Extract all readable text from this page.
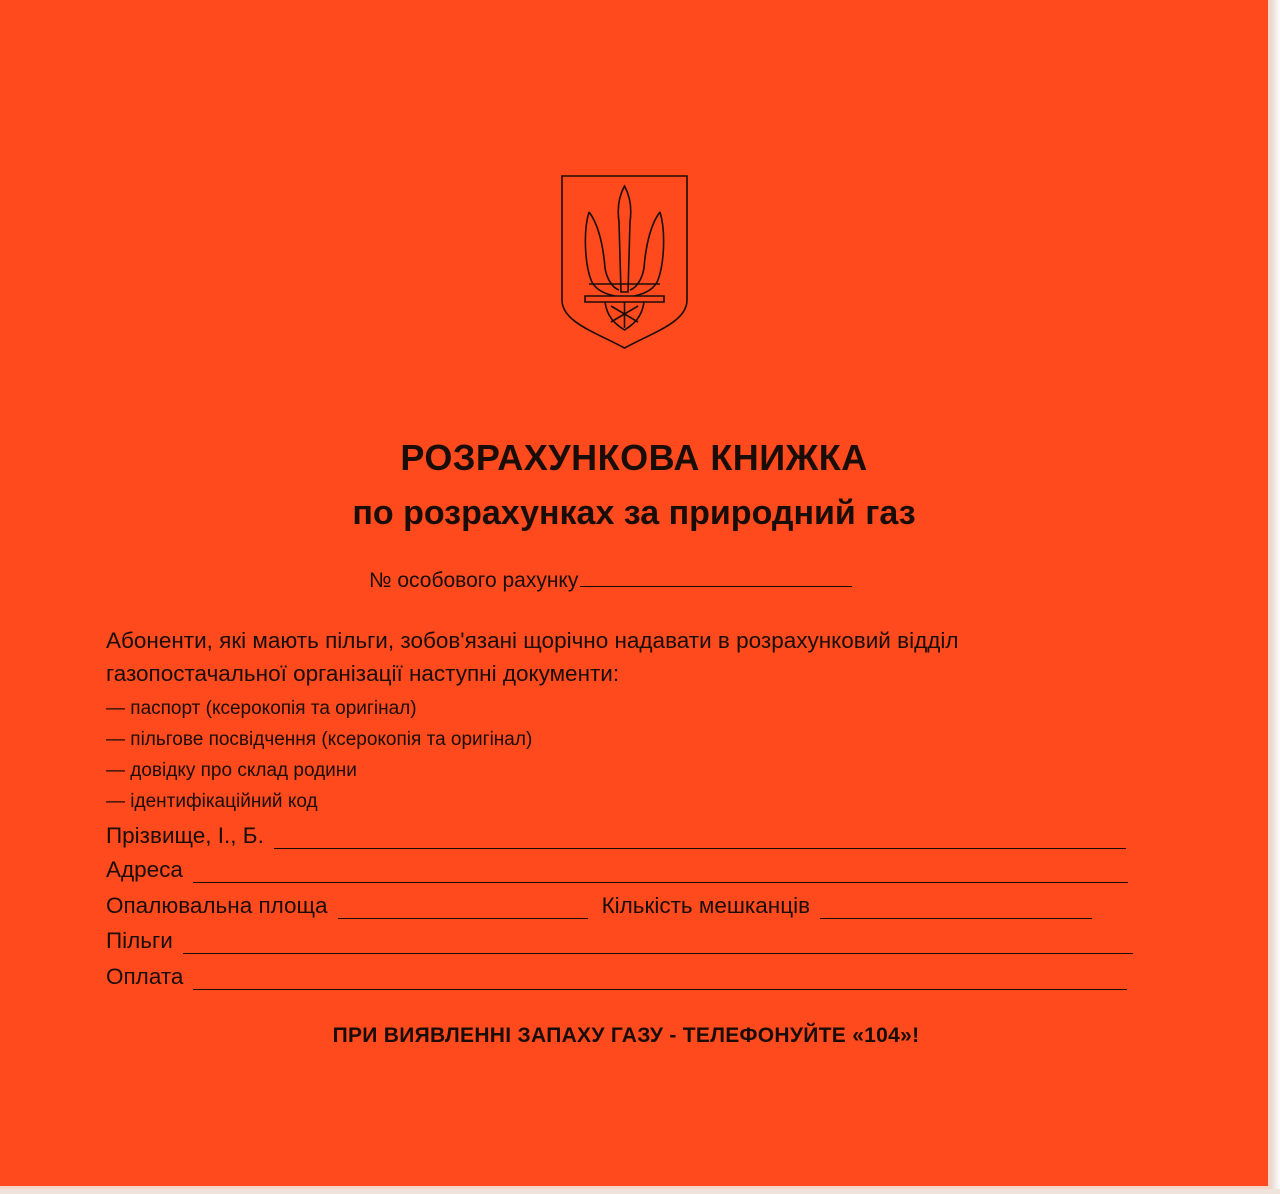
РОЗРАХУНКОВА КНИЖКА
по розрахунках за природний газ
№ особового рахунку

Абоненти, які мають пільги, зобов'язані щорічно надавати в розрахунковий відділ
газопостачальної організації наступні документи:

— паспорт (ксерокопія та оригінал)
— пільгове посвідчення (ксерокопія та оригінал)
— довідку про склад родини
— ідентифікаційний код
Прізвище, І., Б.
Адреса
Опалювальна площа	Кількість мешканців
Пільги
Оплата

ПРИ ВИЯВЛЕННІ ЗАПАХУ ГАЗУ - ТЕЛЕФОНУЙТЕ «104»!
